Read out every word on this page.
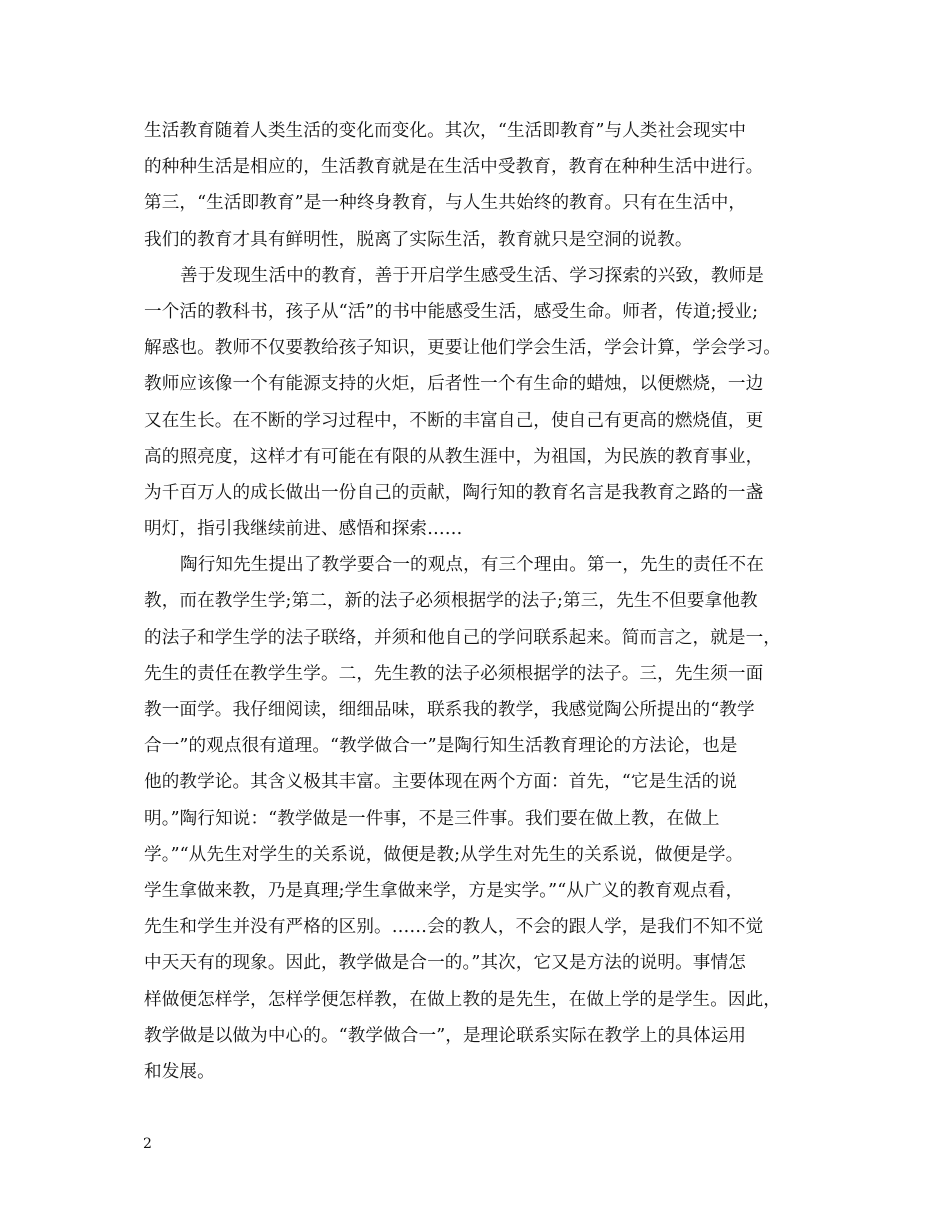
生活教育随着人类生活的变化而变化。其次，“生活即教育”与人类社会现实中
的种种生活是相应的，生活教育就是在生活中受教育，教育在种种生活中进行。
第三，“生活即教育”是一种终身教育，与人生共始终的教育。只有在生活中，
我们的教育才具有鲜明性，脱离了实际生活，教育就只是空洞的说教。
善于发现生活中的教育，善于开启学生感受生活、学习探索的兴致，教师是
一个活的教科书，孩子从“活”的书中能感受生活，感受生命。师者，传道;授业;
解惑也。教师不仅要教给孩子知识，更要让他们学会生活，学会计算，学会学习。
教师应该像一个有能源支持的火炬，后者性一个有生命的蜡烛，以便燃烧，一边
又在生长。在不断的学习过程中，不断的丰富自己，使自己有更高的燃烧值，更
高的照亮度，这样才有可能在有限的从教生涯中，为祖国，为民族的教育事业，
为千百万人的成长做出一份自己的贡献，陶行知的教育名言是我教育之路的一盏
明灯，指引我继续前进、感悟和探索……
陶行知先生提出了教学要合一的观点，有三个理由。第一，先生的责任不在
教，而在教学生学;第二，新的法子必须根据学的法子;第三，先生不但要拿他教
的法子和学生学的法子联络，并须和他自己的学问联系起来。简而言之，就是一，
先生的责任在教学生学。二，先生教的法子必须根据学的法子。三，先生须一面
教一面学。我仔细阅读，细细品味，联系我的教学，我感觉陶公所提出的“教学
合一”的观点很有道理。“教学做合一”是陶行知生活教育理论的方法论，也是
他的教学论。其含义极其丰富。主要体现在两个方面：首先，“它是生活的说
明。”陶行知说：“教学做是一件事，不是三件事。我们要在做上教，在做上
学。”“从先生对学生的关系说，做便是教;从学生对先生的关系说，做便是学。
学生拿做来教，乃是真理;学生拿做来学，方是实学。”“从广义的教育观点看，
先生和学生并没有严格的区别。……会的教人，不会的跟人学，是我们不知不觉
中天天有的现象。因此，教学做是合一的。”其次，它又是方法的说明。事情怎
样做便怎样学，怎样学便怎样教，在做上教的是先生，在做上学的是学生。因此，
教学做是以做为中心的。“教学做合一”，是理论联系实际在教学上的具体运用
和发展。
2
